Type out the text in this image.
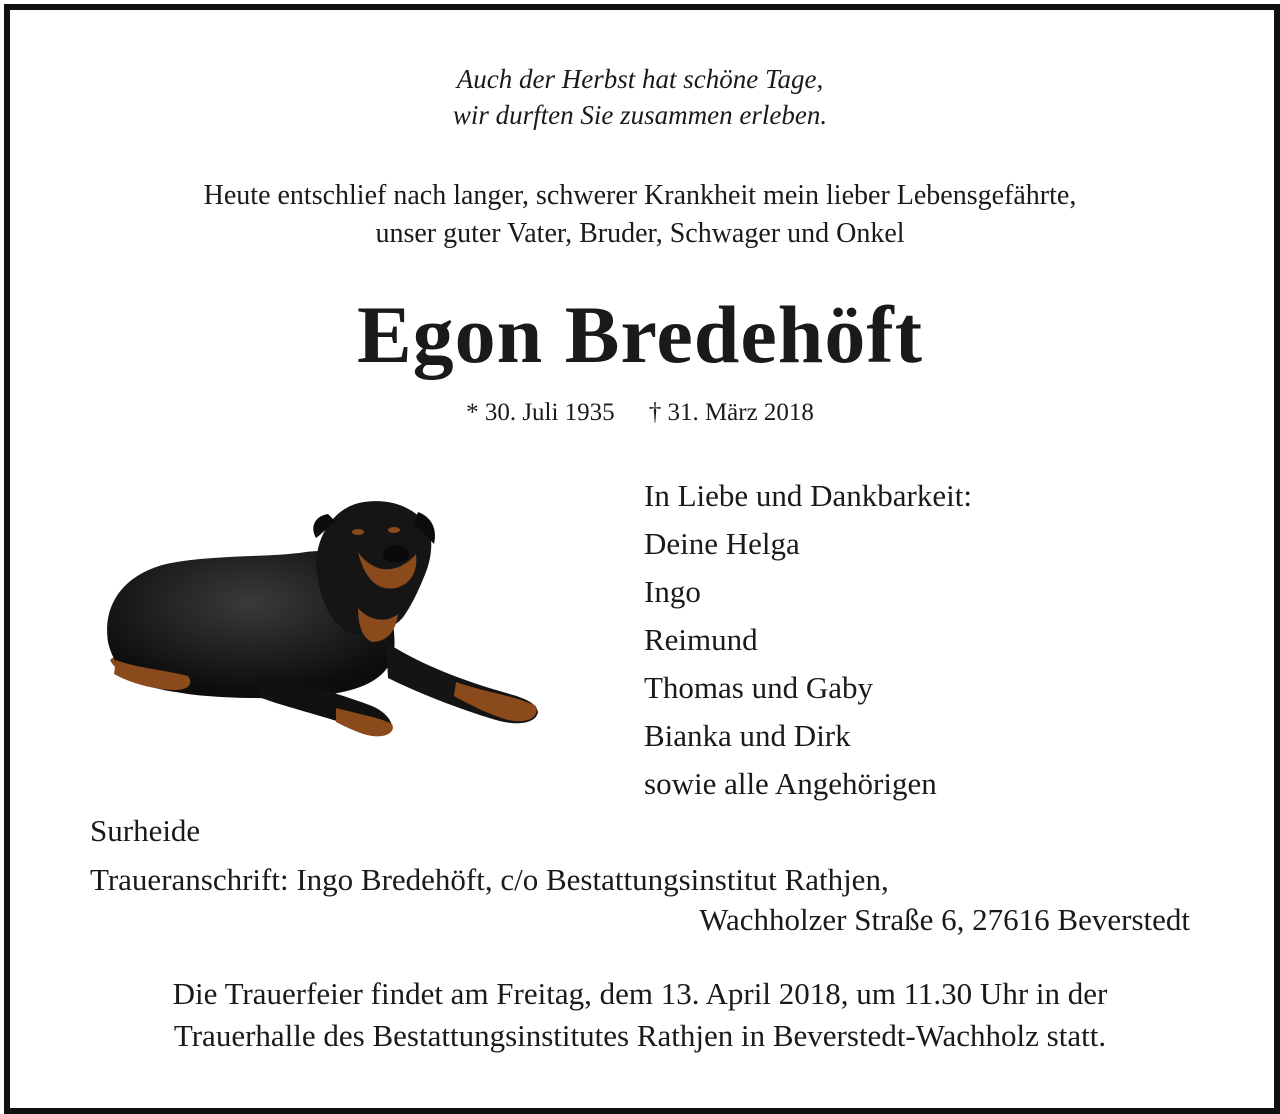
Auch der Herbst hat schöne Tage,
wir durften Sie zusammen erleben.
Heute entschlief nach langer, schwerer Krankheit mein lieber Lebensgefährte,
unser guter Vater, Bruder, Schwager und Onkel
Egon Bredehöft
* 30. Juli 1935 † 31. März 2018
In Liebe und Dankbarkeit:
Deine Helga
Ingo
Reimund
Thomas und Gaby
Bianka und Dirk
sowie alle Angehörigen
Surheide
Traueranschrift: Ingo Bredehöft, c/o Bestattungsinstitut Rathjen,
Wachholzer Straße 6, 27616 Beverstedt
Die Trauerfeier findet am Freitag, dem 13. April 2018, um 11.30 Uhr in der
Trauerhalle des Bestattungsinstitutes Rathjen in Beverstedt-Wachholz statt.
